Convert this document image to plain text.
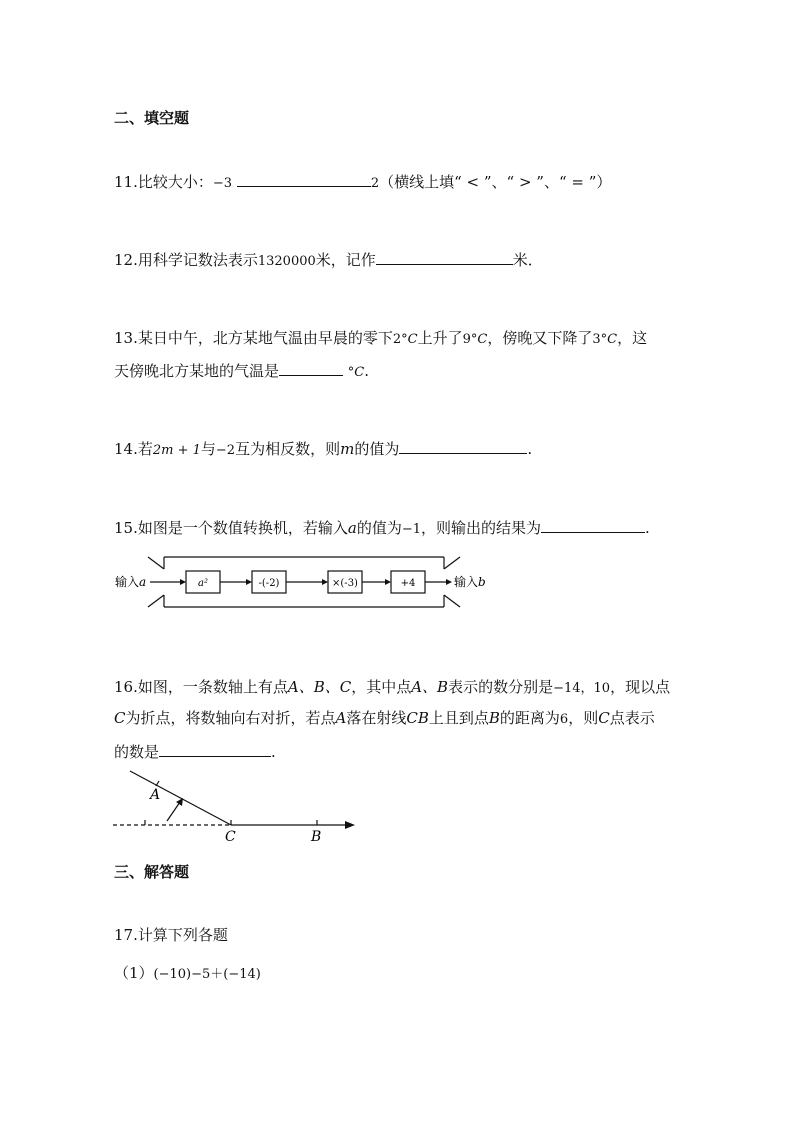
二、填空题
11.比较大小：−3	2（横线上填“ < ”、“ > ”、“ = ”）
12.用科学记数法表示1320000米，记作	米．
13.某日中午，北方某地气温由早晨的零下2°C上升了9°C，傍晚又下降了3°C，这
天傍晚北方某地的气温是	°C.
14.若2m + 1与−2互为相反数，则m的值为	.
15.如图是一个数值转换机，若输入a的值为−1，则输出的结果为	.
输入a	a²	-(-2)	×(-3)	+4	输入b
16.如图，一条数轴上有点A、B、C，其中点A、B表示的数分别是−14，10，现以点
C为折点，将数轴向右对折，若点A落在射线CB上且到点B的距离为6，则C点表示
的数是	.
A
C	B
三、解答题
17.计算下列各题
（1）(−10)−5＋(−14)
